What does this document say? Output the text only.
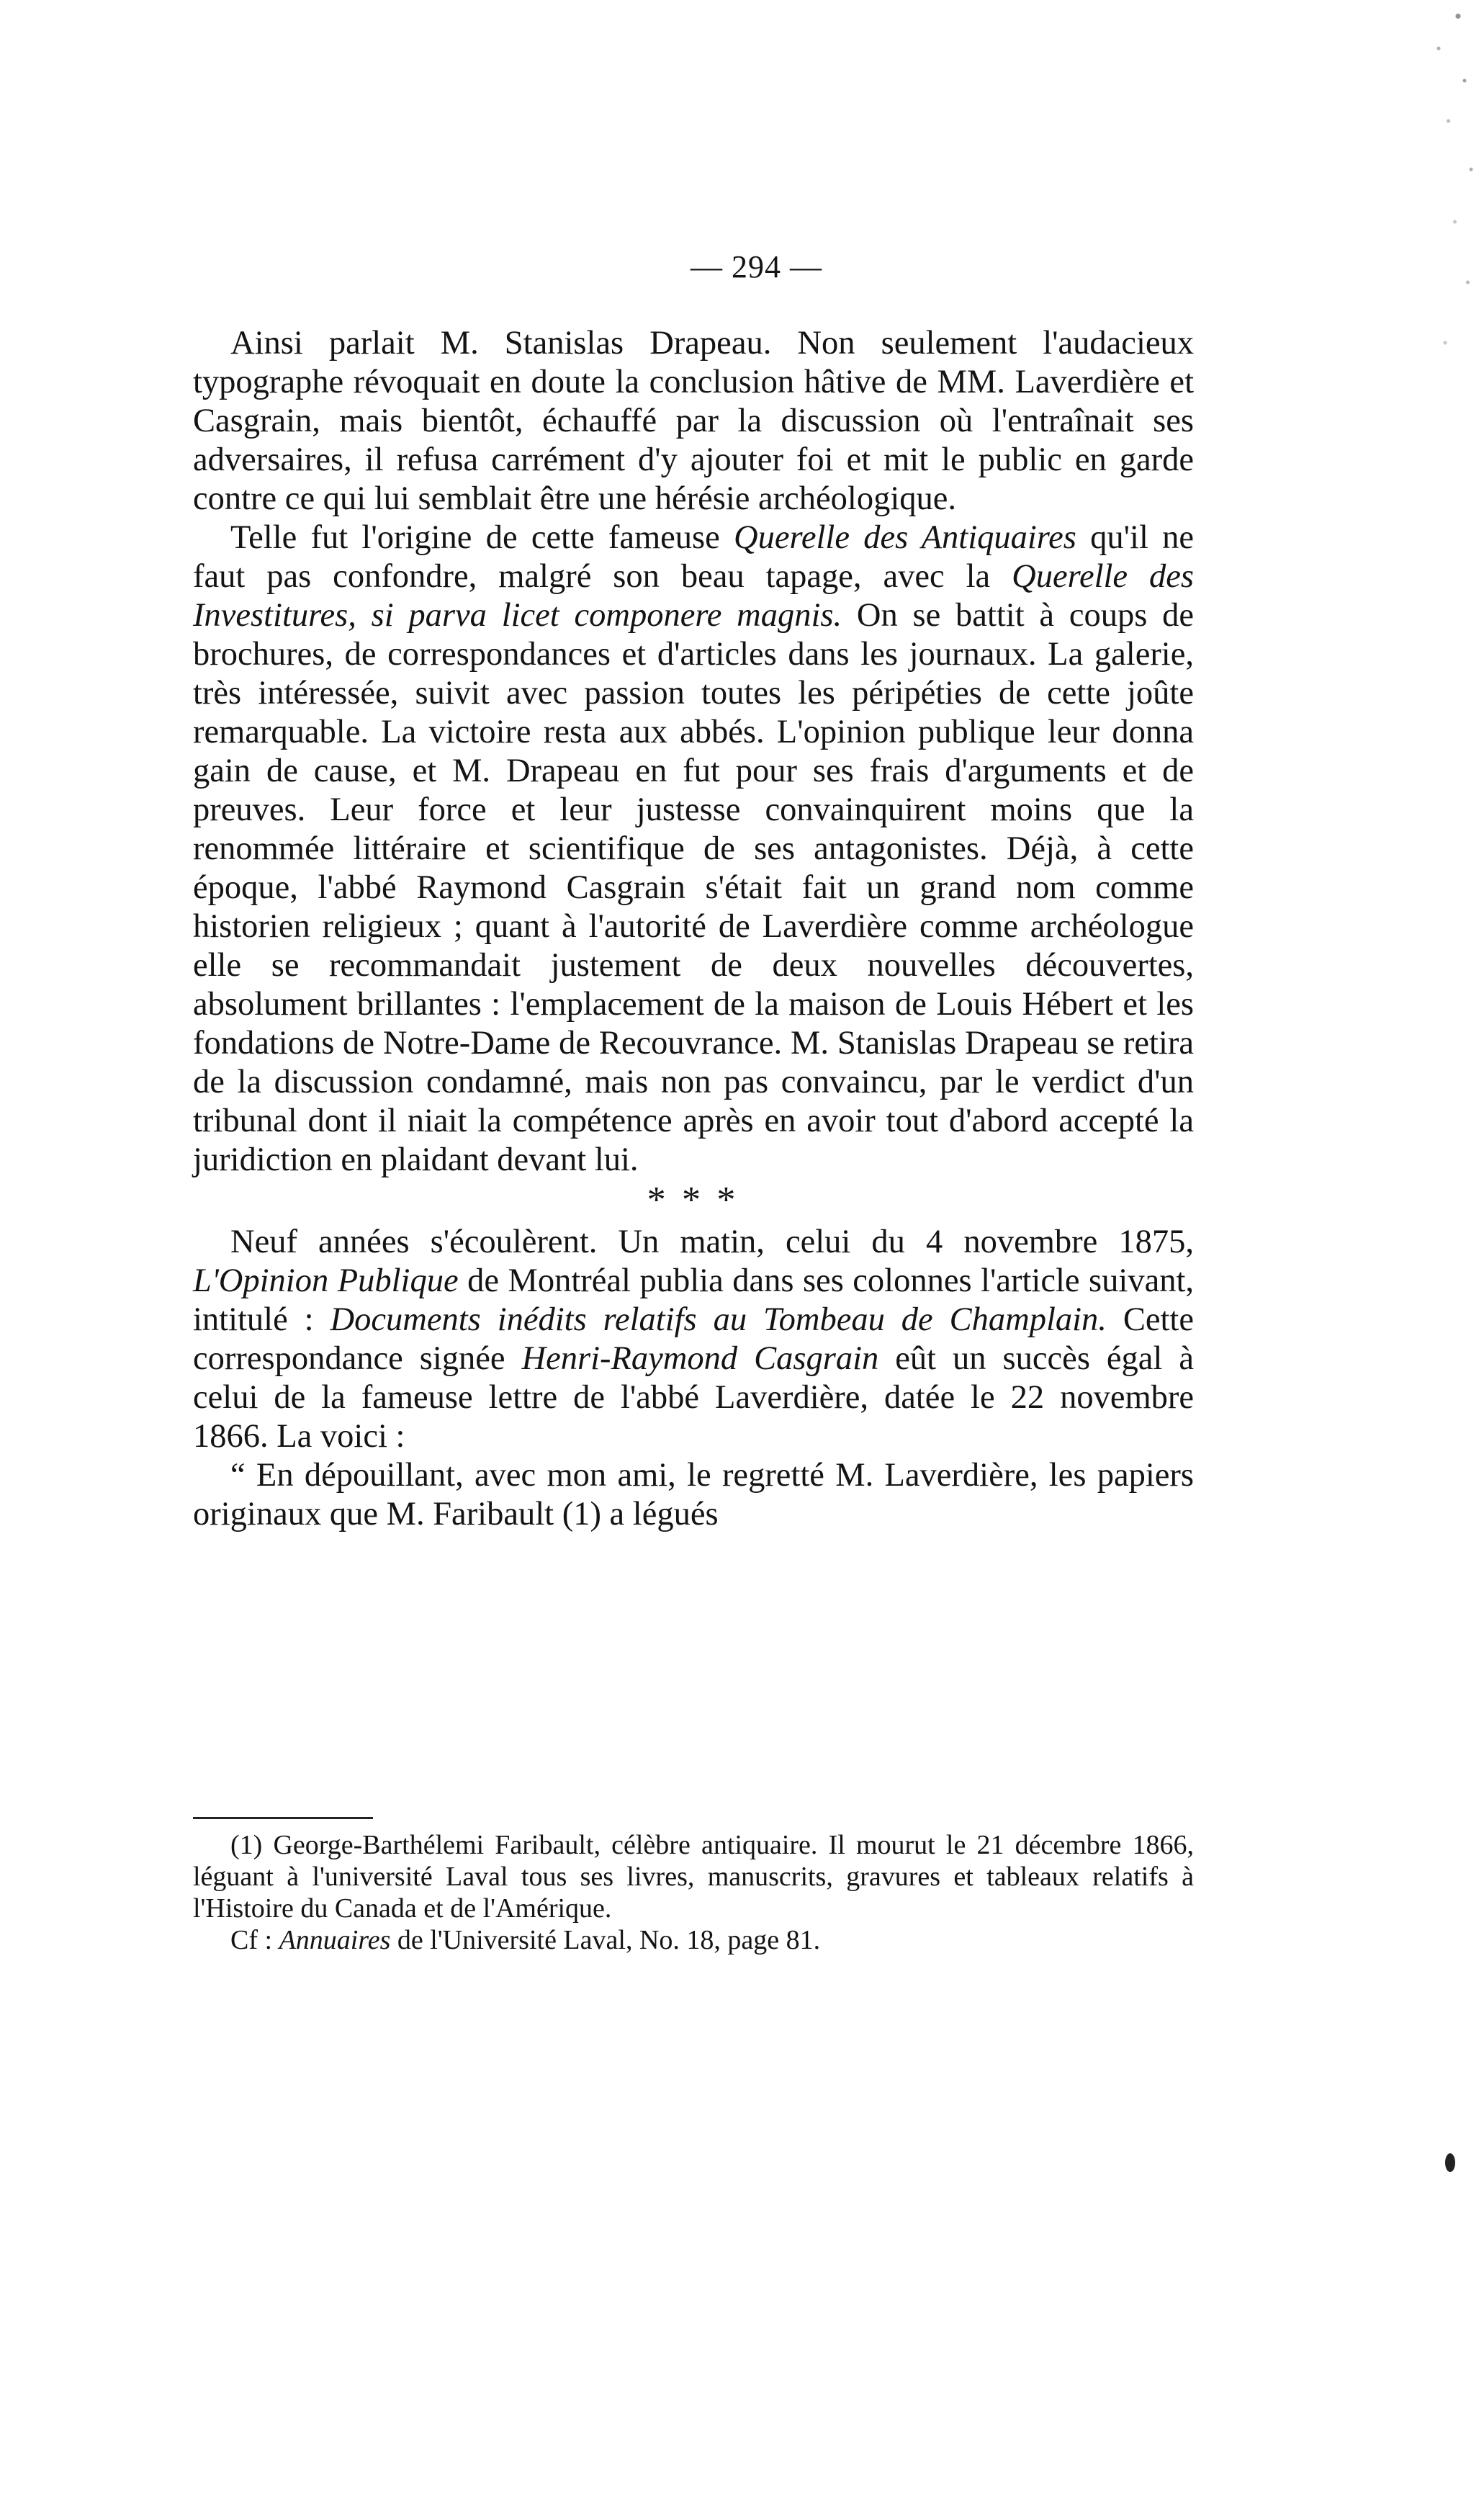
— 294 —

Ainsi parlait M. Stanislas Drapeau. Non seulement l'audacieux typographe révoquait en doute la conclusion hâtive de MM. Laverdière et Casgrain, mais bientôt, échauffé par la discussion où l'entraînait ses adversaires, il refusa carrément d'y ajouter foi et mit le public en garde contre ce qui lui semblait être une hérésie archéologique.

Telle fut l'origine de cette fameuse Querelle des Antiquaires qu'il ne faut pas confondre, malgré son beau tapage, avec la Querelle des Investitures, si parva licet componere magnis. On se battit à coups de brochures, de correspondances et d'articles dans les journaux. La galerie, très intéressée, suivit avec passion toutes les péripéties de cette joûte remarquable. La victoire resta aux abbés. L'opinion publique leur donna gain de cause, et M. Drapeau en fut pour ses frais d'arguments et de preuves. Leur force et leur justesse convainquirent moins que la renommée littéraire et scientifique de ses antagonistes. Déjà, à cette époque, l'abbé Raymond Casgrain s'était fait un grand nom comme historien religieux ; quant à l'autorité de Laverdière comme archéologue elle se recommandait justement de deux nouvelles découvertes, absolument brillantes : l'emplacement de la maison de Louis Hébert et les fondations de Notre-Dame de Recouvrance. M. Stanislas Drapeau se retira de la discussion condamné, mais non pas convaincu, par le verdict d'un tribunal dont il niait la compétence après en avoir tout d'abord accepté la juridiction en plaidant devant lui.

* * *

Neuf années s'écoulèrent. Un matin, celui du 4 novembre 1875, L'Opinion Publique de Montréal publia dans ses colonnes l'article suivant, intitulé : Documents inédits relatifs au Tombeau de Champlain. Cette correspondance signée Henri-Raymond Casgrain eût un succès égal à celui de la fameuse lettre de l'abbé Laverdière, datée le 22 novembre 1866. La voici :

“ En dépouillant, avec mon ami, le regretté M. Laverdière, les papiers originaux que M. Faribault (1) a légués

(1) George-Barthélemi Faribault, célèbre antiquaire. Il mourut le 21 décembre 1866, léguant à l'université Laval tous ses livres, manuscrits, gravures et tableaux relatifs à l'Histoire du Canada et de l'Amérique.

Cf : Annuaires de l'Université Laval, No. 18, page 81.
